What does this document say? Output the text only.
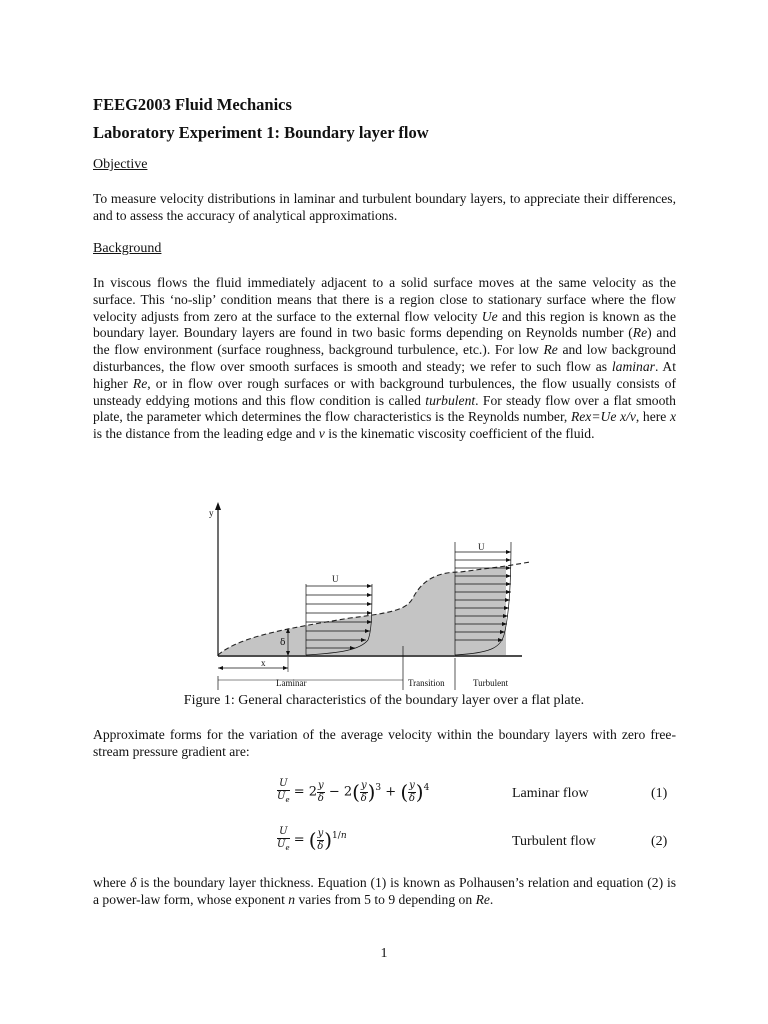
FEEG2003 Fluid Mechanics
Laboratory Experiment 1: Boundary layer flow
Objective

To measure velocity distributions in laminar and turbulent boundary layers, to appreciate their differences, and to assess the accuracy of analytical approximations.

Background

In viscous flows the fluid immediately adjacent to a solid surface moves at the same velocity as the surface. This ‘no-slip’ condition means that there is a region close to stationary surface where the flow velocity adjusts from zero at the surface to the external flow velocity Ue and this region is known as the boundary layer. Boundary layers are found in two basic forms depending on Reynolds number (Re) and the flow environment (surface roughness, background turbulence, etc.). For low Re and low background disturbances, the flow over smooth surfaces is smooth and steady; we refer to such flow as laminar. At higher Re, or in flow over rough surfaces or with background turbulences, the flow usually consists of unsteady eddying motions and this flow condition is called turbulent. For steady flow over a flat smooth plate, the parameter which determines the flow characteristics is the Reynolds number, Rex=Ue x/ν, here x is the distance from the leading edge and ν is the kinematic viscosity coefficient of the fluid.

y
U
U
δ
x
Laminar	Transition	Turbulent
Figure 1: General characteristics of the boundary layer over a flat plate.

Approximate forms for the variation of the average velocity within the boundary layers with zero free-stream pressure gradient are:

$\frac{U}{U_e} = 2 \frac{y}{\delta} - 2( \frac{y}{\delta} )^3$ + ( $\frac{y}{\delta} )^4$	Laminar flow	(1)
$\frac{U}{U_e}$ = ( $\frac{y}{\delta} )^{1/n}$	Turbulent flow	(2)

where δ is the boundary layer thickness. Equation (1) is known as Polhausen’s relation and equation (2) is a power-law form, whose exponent n varies from 5 to 9 depending on Re.

1
